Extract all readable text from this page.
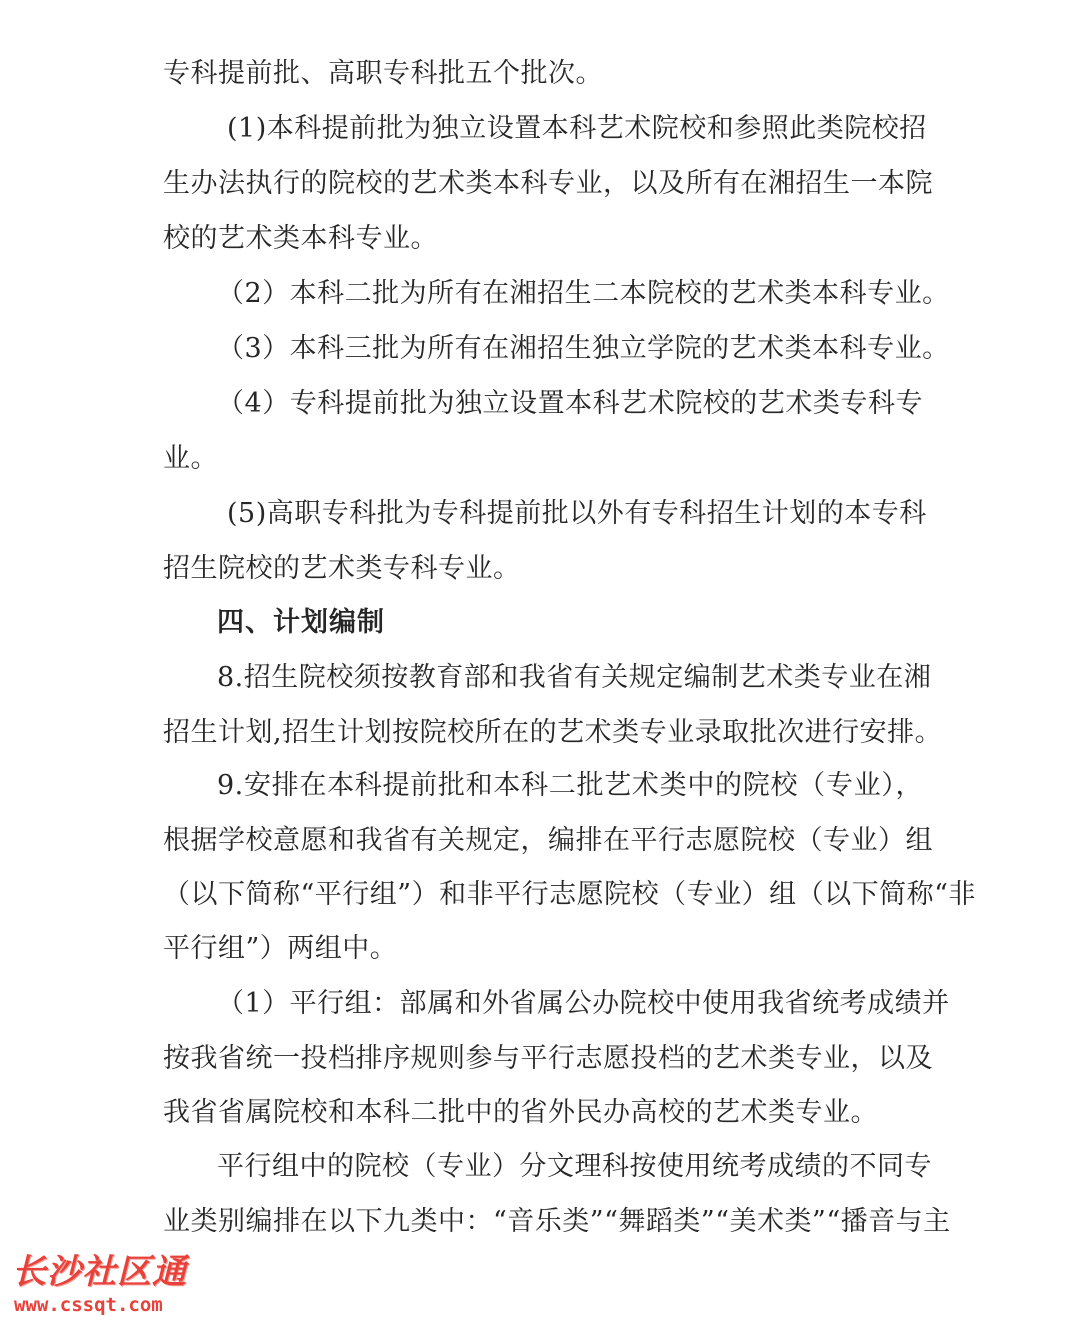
专科提前批、高职专科批五个批次。
(1)本科提前批为独立设置本科艺术院校和参照此类院校招
生办法执行的院校的艺术类本科专业，以及所有在湘招生一本院
校的艺术类本科专业。
（2）本科二批为所有在湘招生二本院校的艺术类本科专业。
（3）本科三批为所有在湘招生独立学院的艺术类本科专业。
（4）专科提前批为独立设置本科艺术院校的艺术类专科专
业。
(5)高职专科批为专科提前批以外有专科招生计划的本专科
招生院校的艺术类专科专业。
四、计划编制
8.招生院校须按教育部和我省有关规定编制艺术类专业在湘
招生计划,招生计划按院校所在的艺术类专业录取批次进行安排。
9.安排在本科提前批和本科二批艺术类中的院校（专业），
根据学校意愿和我省有关规定，编排在平行志愿院校（专业）组
（以下简称“平行组”）和非平行志愿院校（专业）组（以下简称“非
平行组”）两组中。
（1）平行组：部属和外省属公办院校中使用我省统考成绩并
按我省统一投档排序规则参与平行志愿投档的艺术类专业，以及
我省省属院校和本科二批中的省外民办高校的艺术类专业。
平行组中的院校（专业）分文理科按使用统考成绩的不同专
业类别编排在以下九类中：“音乐类”“舞蹈类”“美术类”“播音与主
长沙社区通
www.cssqt.com
